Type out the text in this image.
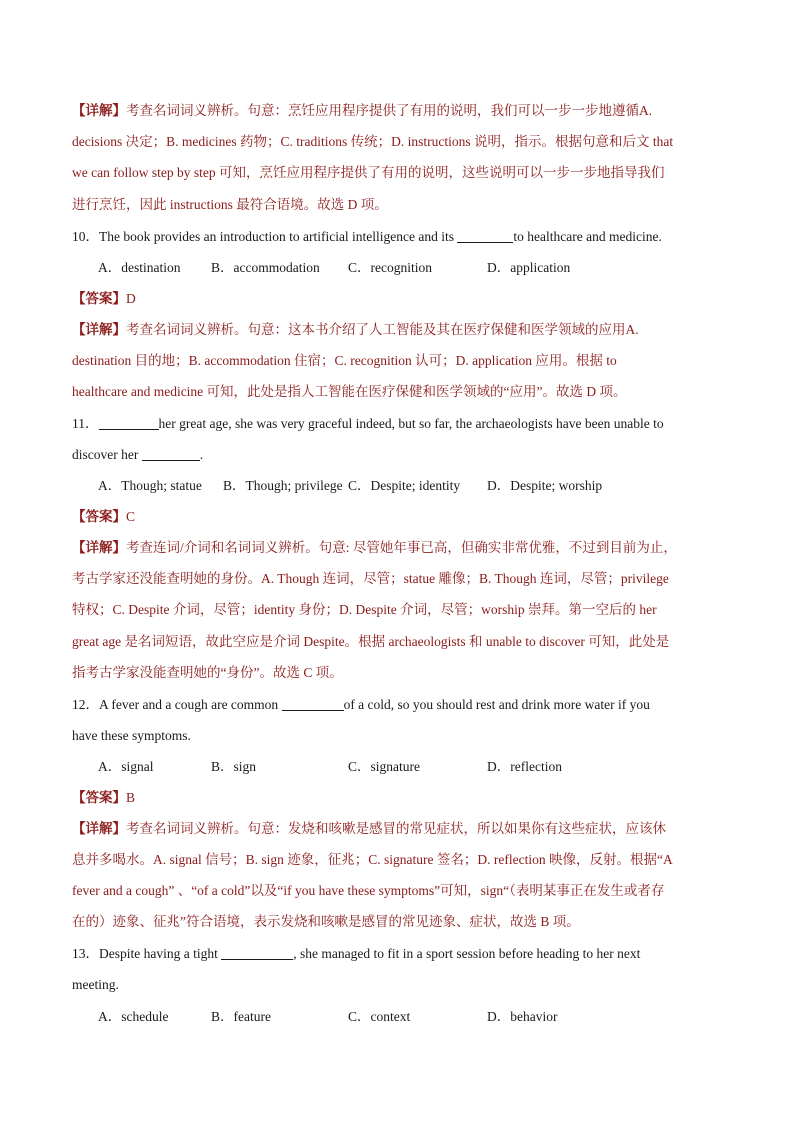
【详解】考查名词词义辨析。句意：烹饪应用程序提供了有用的说明，我们可以一步一步地遵循A.
decisions 决定；B. medicines 药物；C. traditions 传统；D. instructions 说明，指示。根据句意和后文 that
we can follow step by step 可知，烹饪应用程序提供了有用的说明，这些说明可以一步一步地指导我们
进行烹饪，因此 instructions 最符合语境。故选 D 项。
10．The book provides an introduction to artificial intelligence and its	to healthcare and medicine.
A．destination B．accommodation C．recognition	D．application
【答案】D
【详解】考查名词词义辨析。句意：这本书介绍了人工智能及其在医疗保健和医学领域的应用A.
destination 目的地；B. accommodation 住宿；C. recognition 认可；D. application 应用。根据 to
healthcare and medicine 可知，此处是指人工智能在医疗保健和医学领域的“应用”。故选 D 项。
11．	her great age, she was very graceful indeed, but so far, the archaeologists have been unable to
discover her	.
A．Though; statue B．Though; privilege C．Despite; identity D．Despite; worship
【答案】C
【详解】考查连词/介词和名词词义辨析。句意: 尽管她年事已高，但确实非常优雅，不过到目前为止，
考古学家还没能查明她的身份。A. Though 连词，尽管；statue 雕像；B. Though 连词，尽管；privilege
特权；C. Despite 介词，尽管；identity 身份；D. Despite 介词，尽管；worship 崇拜。第一空后的 her
great age 是名词短语，故此空应是介词 Despite。根据 archaeologists 和 unable to discover 可知，此处是
指考古学家没能查明她的“身份”。故选 C 项。
12．A fever and a cough are common	of a cold, so you should rest and drink more water if you
have these symptoms.
A．signal	B．sign	C．signature	D．reflection
【答案】B
【详解】考查名词词义辨析。句意：发烧和咳嗽是感冒的常见症状，所以如果你有这些症状，应该休
息并多喝水。A. signal 信号；B. sign 迹象，征兆；C. signature 签名；D. reflection 映像，反射。根据“A
fever and a cough” 、“of a cold”以及“if you have these symptoms”可知，sign“（表明某事正在发生或者存
在的）迹象、征兆”符合语境，表示发烧和咳嗽是感冒的常见迹象、症状，故选 B 项。
13．Despite having a tight	, she managed to fit in a sport session before heading to her next
meeting.
A．schedule	B．feature	C．context	D．behavior
